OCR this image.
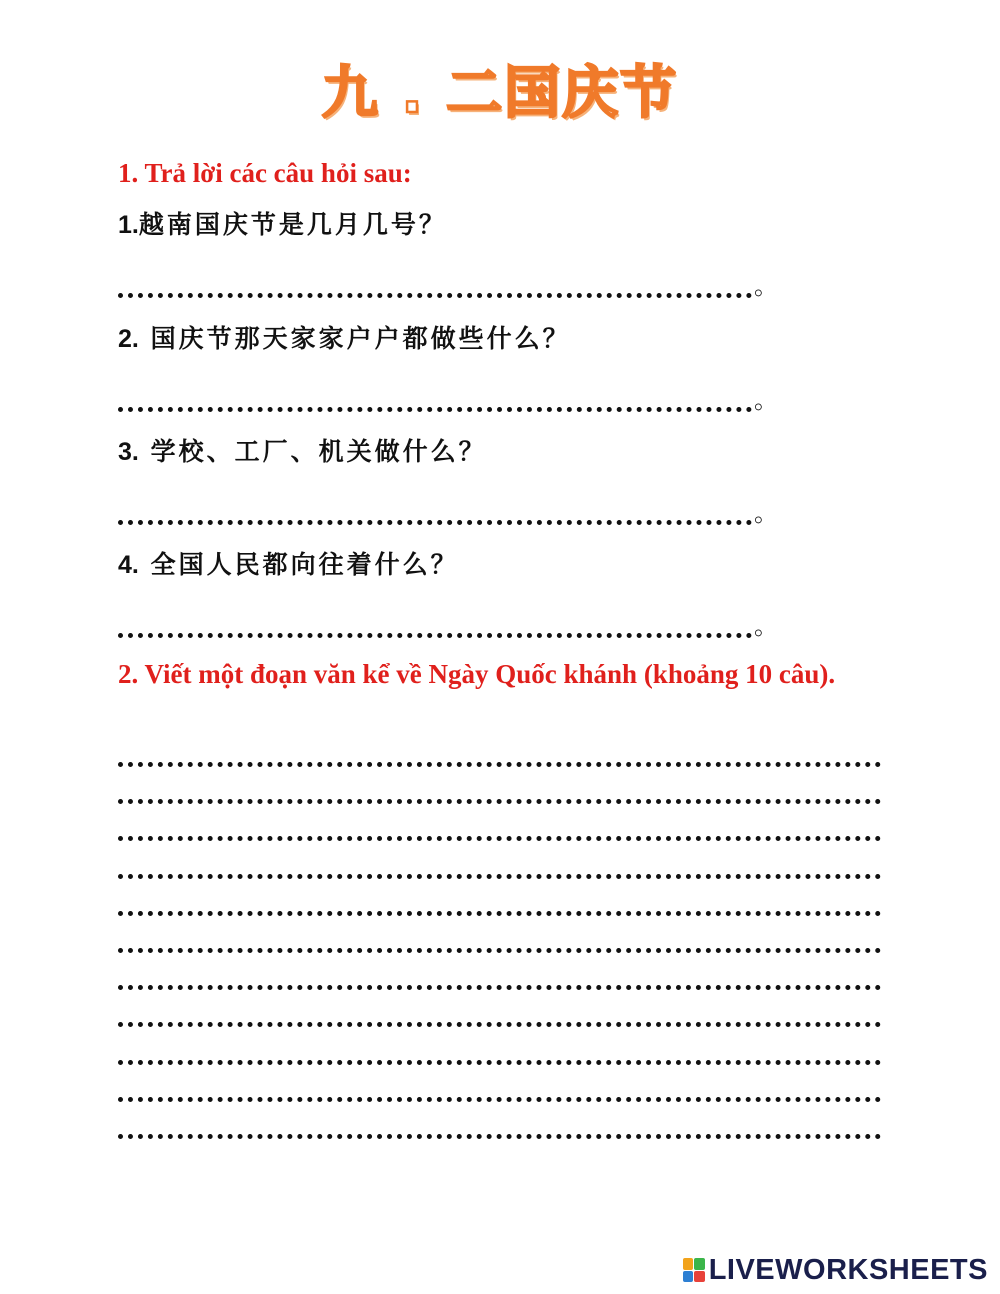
九 . 二国庆节
1. Trả lời các câu hỏi sau:
1.越南国庆节是几月几号？
。
2. 国庆节那天家家户户都做些什么？
。
3. 学校、工厂、机关做什么？
。
4. 全国人民都向往着什么？
。
2. Viết một đoạn văn kể về Ngày Quốc khánh (khoảng 10 câu).
LIVEWORKSHEETS
